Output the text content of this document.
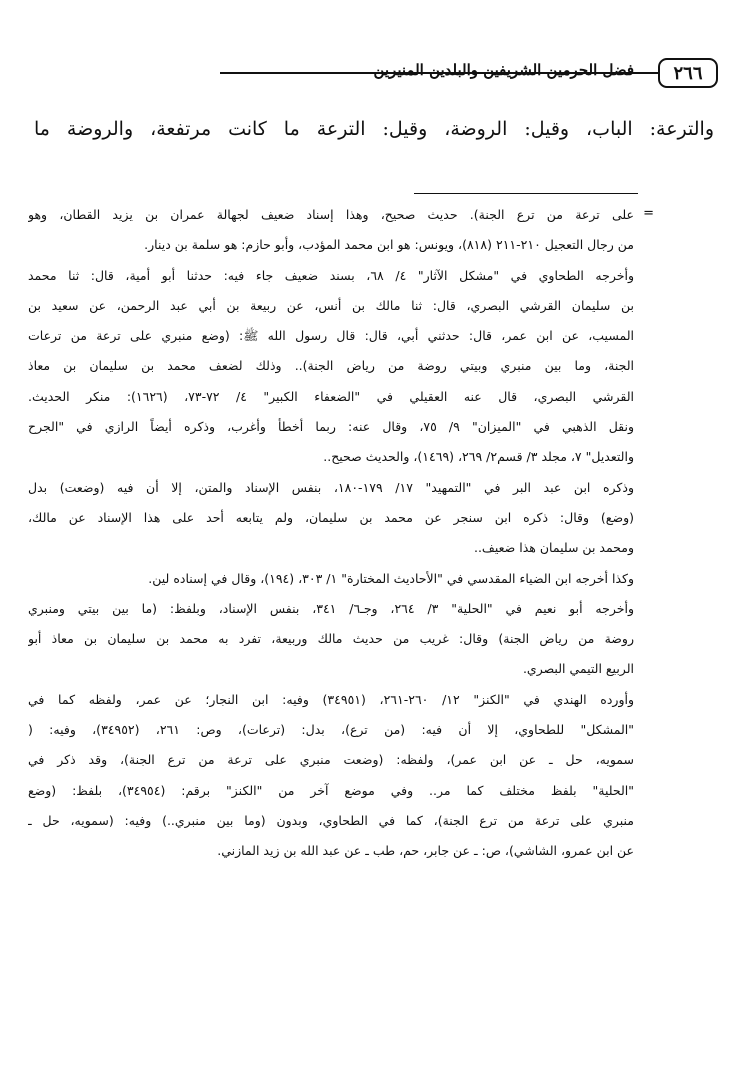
٢٦٦
فضل الحرمين الشريفين والبلدين المنيرين
والترعة: الباب، وقيل: الروضة، وقيل: الترعة ما كانت مرتفعة، والروضة ما
=
على ترعة من ترع الجنة). حديث صحيح، وهذا إسناد ضعيف لجهالة عمران بن يزيد القطان، وهو
من رجال التعجيل ٢١٠-٢١١ (٨١٨)، ويونس: هو ابن محمد المؤدب، وأبو حازم: هو سلمة بن دينار.
وأخرجه الطحاوي في "مشكل الآثار" ٤/ ٦٨، بسند ضعيف جاء فيه: حدثنا أبو أمية، قال: ثنا محمد
بن سليمان القرشي البصري، قال: ثنا مالك بن أنس، عن ربيعة بن أبي عبد الرحمن، عن سعيد بن
المسيب، عن ابن عمر، قال: حدثني أبي، قال: قال رسول الله ﷺ: (وضع منبري على ترعة من ترعات
الجنة، وما بين منبري وبيتي روضة من رياض الجنة).. وذلك لضعف محمد بن سليمان بن معاذ
القرشي البصري، قال عنه العقيلي في "الضعفاء الكبير" ٤/ ٧٢-٧٣، (١٦٢٦): منكر الحديث.
ونقل الذهبي في "الميزان" ٩/ ٧٥، وقال عنه: ربما أخطأ وأغرب، وذكره أيضاً الرازي في "الجرح
والتعديل" ٧، مجلد ٣/ قسم٢/ ٢٦٩، (١٤٦٩)، والحديث صحيح..
وذكره ابن عبد البر في "التمهيد" ١٧/ ١٧٩-١٨٠، بنفس الإسناد والمتن، إلا أن فيه (وضعت) بدل
(وضع) وقال: ذكره ابن سنجر عن محمد بن سليمان، ولم يتابعه أحد على هذا الإسناد عن مالك،
ومحمد بن سليمان هذا ضعيف..
وكذا أخرجه ابن الضياء المقدسي في "الأحاديث المختارة" ١/ ٣٠٣، (١٩٤)، وقال في إسناده لين.
وأخرجه أبو نعيم في "الحلية" ٣/ ٢٦٤، وجـ٦/ ٣٤١، بنفس الإسناد، وبلفظ: (ما بين بيتي ومنبري
روضة من رياض الجنة) وقال: غريب من حديث مالك وربيعة، تفرد به محمد بن سليمان بن معاذ أبو
الربيع التيمي البصري.
وأورده الهندي في "الكنز" ١٢/ ٢٦٠-٢٦١، (٣٤٩٥١) وفيه: ابن النجار؛ عن عمر، ولفظه كما في
"المشكل" للطحاوي، إلا أن فيه: (من ترع)، بدل: (ترعات)، وص: ٢٦١، (٣٤٩٥٢)، وفيه: (
سمويه، حل ـ عن ابن عمر)، ولفظه: (وضعت منبري على ترعة من ترع الجنة)، وقد ذكر في
"الحلية" بلفظ مختلف كما مر.. وفي موضع آخر من "الكنز" برقم: (٣٤٩٥٤)، بلفظ: (وضع
منبري على ترعة من ترع الجنة)، كما في الطحاوي، وبدون (وما بين منبري..) وفيه: (سمويه، حل ـ
عن ابن عمرو، الشاشي)، ص: ـ عن جابر، حم، طب ـ عن عبد الله بن زيد المازني.
